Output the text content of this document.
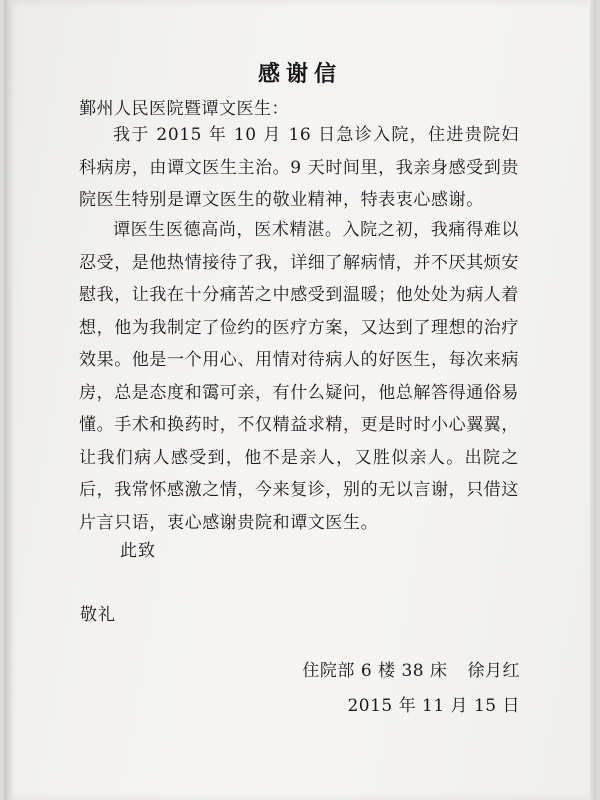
感谢信
鄞州人民医院暨谭文医生：
我于 2015 年 10 月 16 日急诊入院，住进贵院妇科病房，由谭文医生主治。9 天时间里，我亲身感受到贵院医生特别是谭文医生的敬业精神，特表衷心感谢。
谭医生医德高尚，医术精湛。入院之初，我痛得难以忍受，是他热情接待了我，详细了解病情，并不厌其烦安慰我，让我在十分痛苦之中感受到温暖；他处处为病人着想，他为我制定了俭约的医疗方案，又达到了理想的治疗效果。他是一个用心、用情对待病人的好医生，每次来病房，总是态度和霭可亲，有什么疑问，他总解答得通俗易懂。手术和换药时，不仅精益求精，更是时时小心翼翼，让我们病人感受到，他不是亲人，又胜似亲人。出院之后，我常怀感激之情，今来复诊，别的无以言谢，只借这片言只语，衷心感谢贵院和谭文医生。
此致
敬礼
住院部 6 楼 38 床 徐月红
2015 年 11 月 15 日
